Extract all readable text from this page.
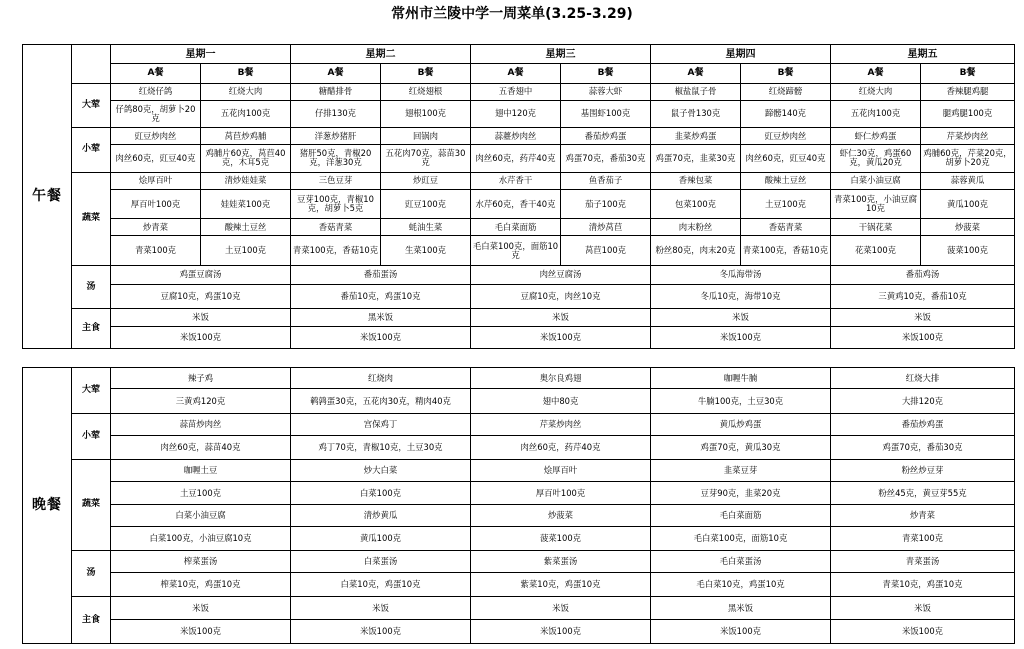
常州市兰陵中学一周菜单(3.25-3.29)
午餐		星期一		星期二		星期三		星期四		星期五	
		A餐	B餐	A餐	B餐	A餐	B餐	A餐	B餐	A餐	B餐
	大荤	红烧仔鸽	红烧大肉	糖醋排骨	红烧翅根	五香翅中	蒜蓉大虾	椒盐鼠子骨	红烧蹄髈	红烧大肉	香辣腿鸡腿
		仔鸽80克，胡萝卜20克	五花肉100克	仔排130克	翅根100克	翅中120克	基围虾100克	鼠子骨130克	蹄髈140克	五花肉100克	腿鸡腿100克
	小荤	豇豆炒肉丝	莴苣炒鸡脯	洋葱炒猪肝	回锅肉	蒜薹炒肉丝	番茄炒鸡蛋	韭菜炒鸡蛋	豇豆炒肉丝	虾仁炒鸡蛋	芹菜炒肉丝
		肉丝60克，豇豆40克	鸡脯片60克，莴苣40克，木耳5克	猪肝50克，青椒20克，洋葱30克	五花肉70克，蒜苗30克	肉丝60克，药芹40克	鸡蛋70克，番茄30克	鸡蛋70克，韭菜30克	肉丝60克，豇豆40克	虾仁30克，鸡蛋60克，黄瓜20克	鸡脯60克，芹菜20克，胡萝卜20克
	蔬菜	烩厚百叶	清炒娃娃菜	三色豆芽	炒豇豆	水芹香干	鱼香茄子	香辣包菜	酸辣土豆丝	白菜小油豆腐	蒜蓉黄瓜
		厚百叶100克	娃娃菜100克	豆芽100克，青椒10克，胡萝卜5克	豇豆100克	水芹60克，香干40克	茄子100克	包菜100克	土豆100克	青菜100克，小油豆腐10克	黄瓜100克
		炒青菜	酸辣土豆丝	香菇青菜	蚝油生菜	毛白菜面筋	清炒莴苣	肉末粉丝	香菇青菜	干锅花菜	炒菠菜
		青菜100克	土豆100克	青菜100克，香菇10克	生菜100克	毛白菜100克，面筋10克	莴苣100克	粉丝80克，肉末20克	青菜100克，香菇10克	花菜100克	菠菜100克
	汤	鸡蛋豆腐汤		番茄蛋汤		肉丝豆腐汤		冬瓜海带汤		番茄鸡汤	
		豆腐10克，鸡蛋10克		番茄10克，鸡蛋10克		豆腐10克，肉丝10克		冬瓜10克，海带10克		三黄鸡10克，番茄10克	
	主食	米饭		黑米饭		米饭		米饭		米饭	
		米饭100克		米饭100克		米饭100克		米饭100克		米饭100克	
晚餐	大荤	辣子鸡	红烧肉	奥尔良鸡翅	咖喱牛腩	红烧大排
		三黄鸡120克	鹌鹑蛋30克，五花肉30克，精肉40克	翅中80克	牛腩100克，土豆30克	大排120克
	小荤	蒜苗炒肉丝	宫保鸡丁	芹菜炒肉丝	黄瓜炒鸡蛋	番茄炒鸡蛋
		肉丝60克，蒜苗40克	鸡丁70克，青椒10克，土豆30克	肉丝60克，药芹40克	鸡蛋70克，黄瓜30克	鸡蛋70克，番茄30克
	蔬菜	咖喱土豆	炒大白菜	烩厚百叶	韭菜豆芽	粉丝炒豆芽
		土豆100克	白菜100克	厚百叶100克	豆芽90克，韭菜20克	粉丝45克，黄豆芽55克
		白菜小油豆腐	清炒黄瓜	炒菠菜	毛白菜面筋	炒青菜
		白菜100克，小油豆腐10克	黄瓜100克	菠菜100克	毛白菜100克，面筋10克	青菜100克
	汤	榨菜蛋汤	白菜蛋汤	紫菜蛋汤	毛白菜蛋汤	青菜蛋汤
		榨菜10克，鸡蛋10克	白菜10克，鸡蛋10克	紫菜10克，鸡蛋10克	毛白菜10克，鸡蛋10克	青菜10克，鸡蛋10克
	主食	米饭	米饭	米饭	黑米饭	米饭
		米饭100克	米饭100克	米饭100克	米饭100克	米饭100克
